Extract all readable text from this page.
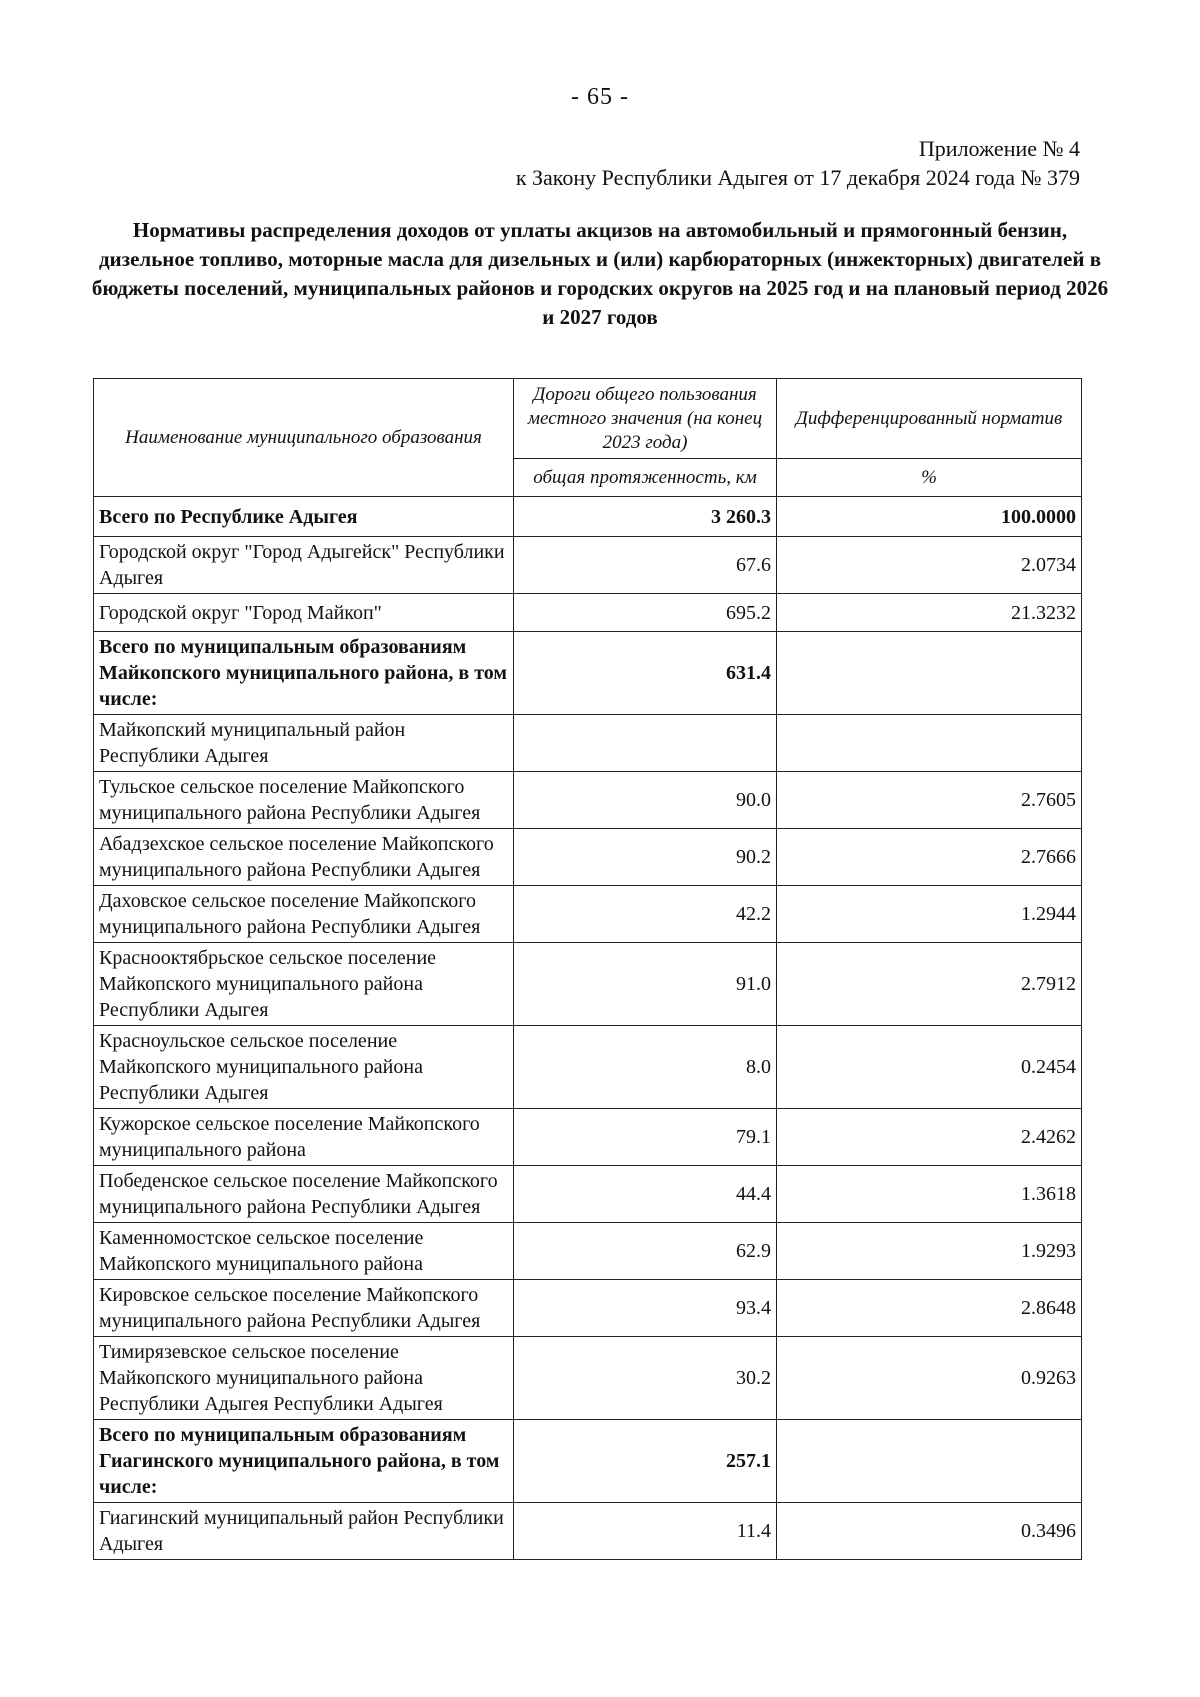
- 65 -
Приложение № 4
к Закону Республики Адыгея от 17 декабря 2024 года № 379
Нормативы распределения доходов от уплаты акцизов на автомобильный и прямогонный бензин, дизельное топливо, моторные масла для дизельных и (или) карбюраторных (инжекторных) двигателей в бюджеты поселений, муниципальных районов и городских округов на 2025 год и на плановый период 2026 и 2027 годов
Наименование муниципального образования	Дороги общего пользования местного значения (на конец 2023 года)	Дифференцированный норматив
	общая протяженность, км	%
Всего по Республике Адыгея	3 260.3	100.0000
Городской округ "Город Адыгейск" Республики Адыгея	67.6	2.0734
Городской округ "Город Майкоп"	695.2	21.3232
Всего по муниципальным образованиям Майкопского муниципального района, в том числе:	631.4	
Майкопский муниципальный район Республики Адыгея		
Тульское сельское поселение Майкопского муниципального района Республики Адыгея	90.0	2.7605
Абадзехское сельское поселение Майкопского муниципального района Республики Адыгея	90.2	2.7666
Даховское сельское поселение Майкопского муниципального района Республики Адыгея	42.2	1.2944
Краснооктябрьское сельское поселение Майкопского муниципального района Республики Адыгея	91.0	2.7912
Красноульское сельское поселение Майкопского муниципального района Республики Адыгея	8.0	0.2454
Кужорское сельское поселение Майкопского муниципального района	79.1	2.4262
Победенское сельское поселение Майкопского муниципального района Республики Адыгея	44.4	1.3618
Каменномостское сельское поселение Майкопского муниципального района	62.9	1.9293
Кировское сельское поселение Майкопского муниципального района Республики Адыгея	93.4	2.8648
Тимирязевское сельское поселение Майкопского муниципального района Республики Адыгея Республики Адыгея	30.2	0.9263
Всего по муниципальным образованиям Гиагинского муниципального района, в том числе:	257.1	
Гиагинский муниципальный район Республики Адыгея	11.4	0.3496
